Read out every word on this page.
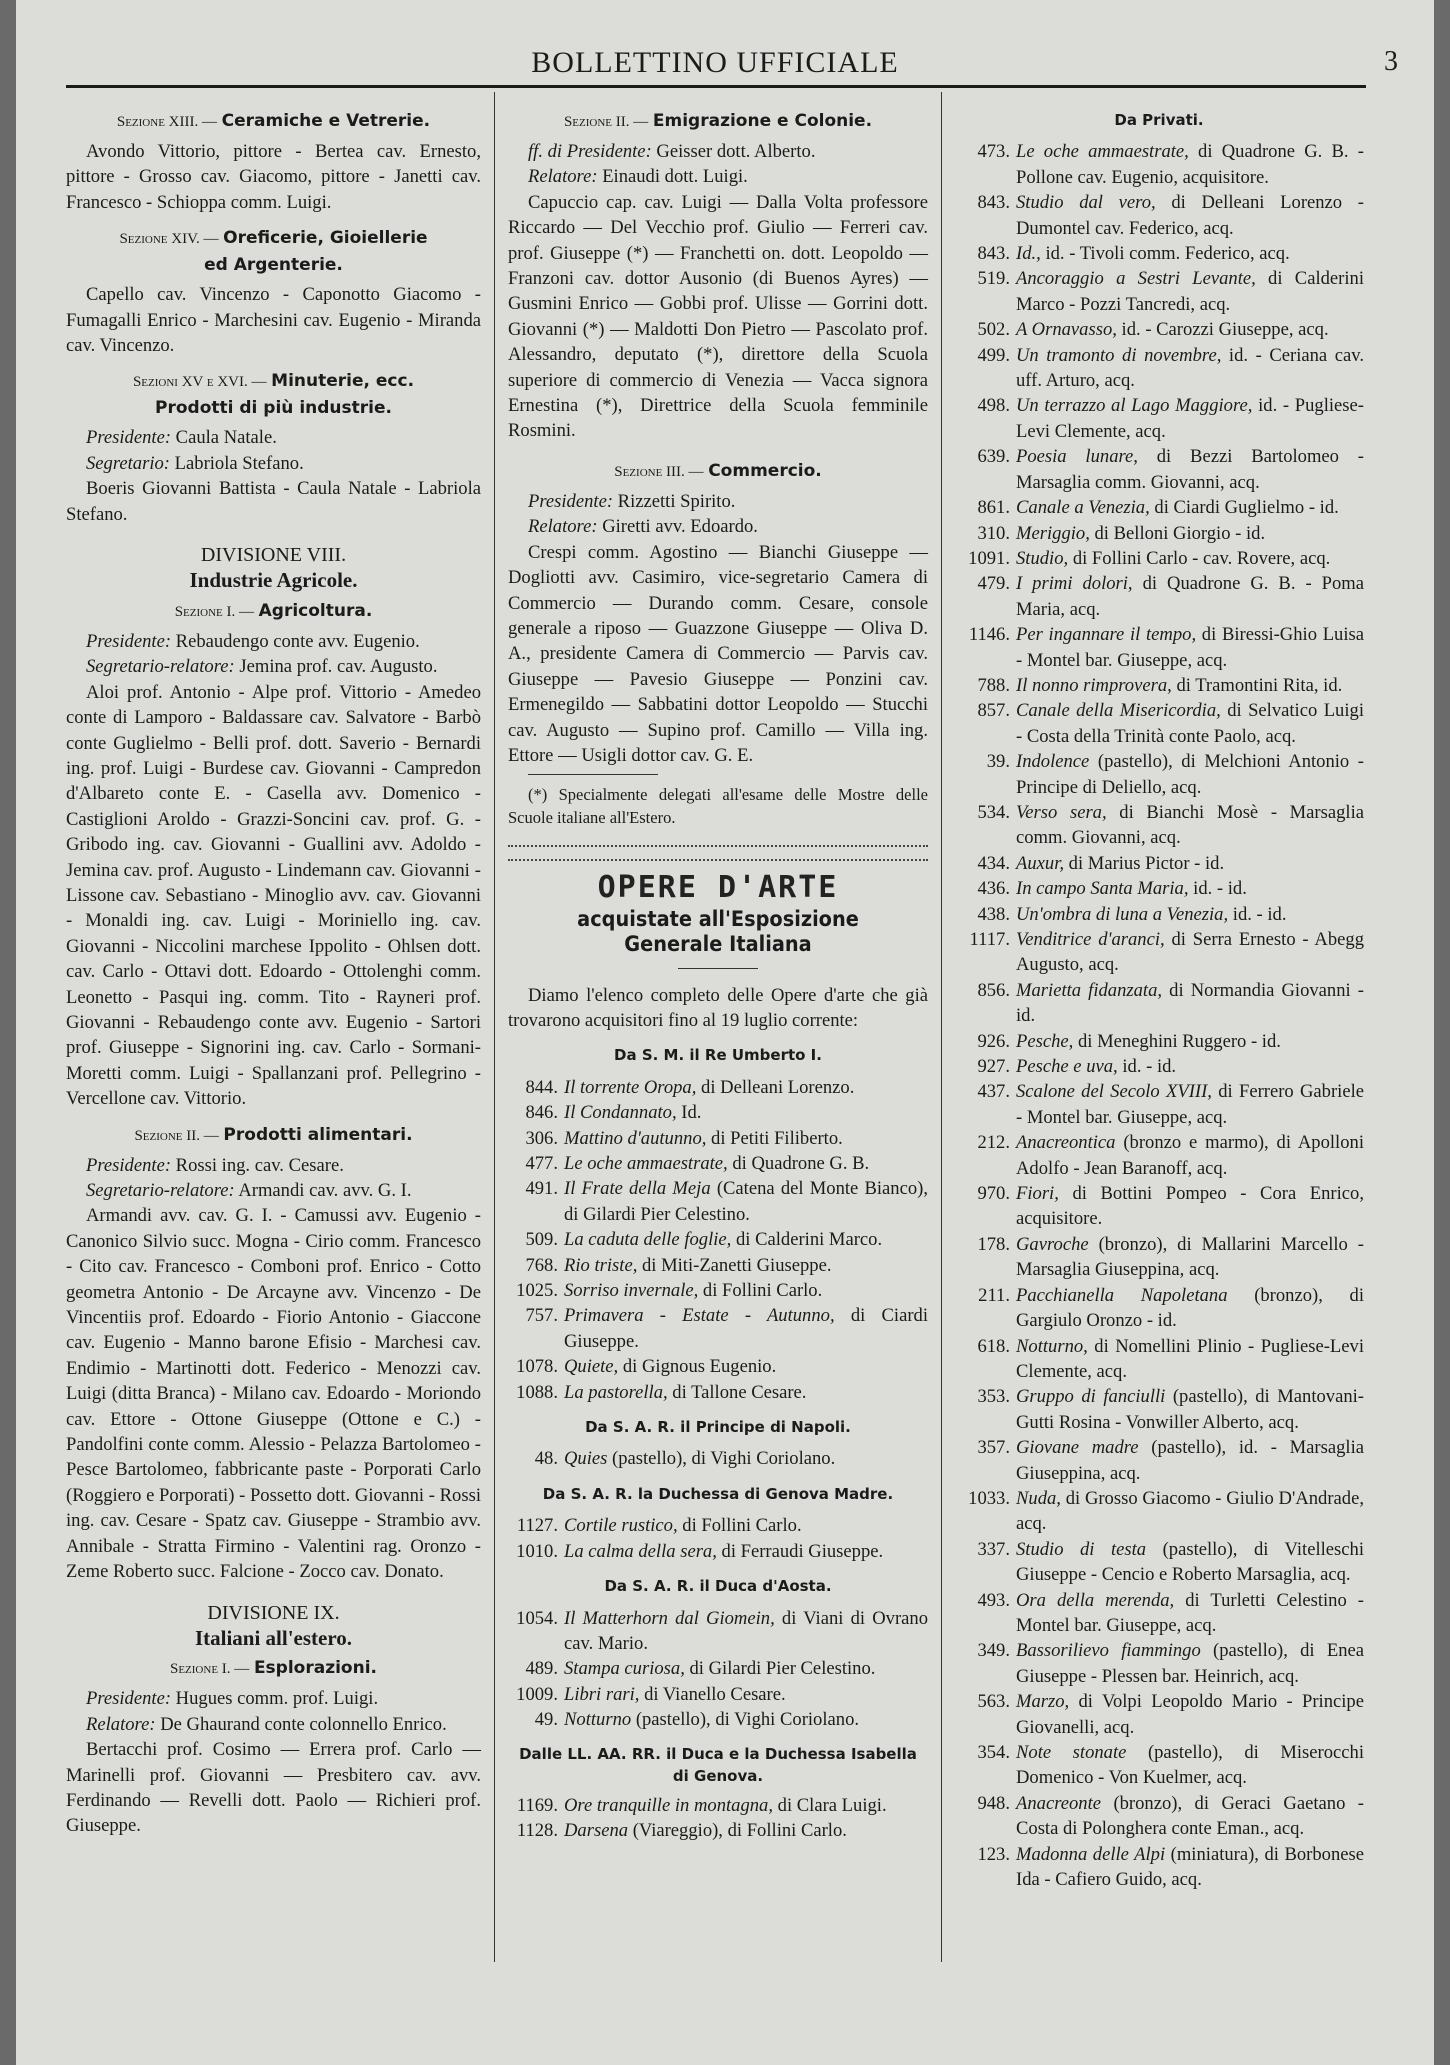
BOLLETTINO UFFICIALE	3
Sezione XIII. — Ceramiche e Vetrerie.

Avondo Vittorio, pittore - Bertea cav. Ernesto, pittore - Grosso cav. Giacomo, pittore - Janetti cav. Francesco - Schioppa comm. Luigi.

Sezione XIV. — Oreficerie, Gioiellerie
ed Argenterie.

Capello cav. Vincenzo - Caponotto Giacomo - Fumagalli Enrico - Marchesini cav. Eugenio - Miranda cav. Vincenzo.

Sezioni XV e XVI. — Minuterie, ecc.
Prodotti di più industrie.

Presidente: Caula Natale.

Segretario: Labriola Stefano.

Boeris Giovanni Battista - Caula Natale - Labriola Stefano.

DIVISIONE VIII.
Industrie Agricole.
Sezione I. — Agricoltura.

Presidente: Rebaudengo conte avv. Eugenio.

Segretario-relatore: Jemina prof. cav. Augusto.

Aloi prof. Antonio - Alpe prof. Vittorio - Amedeo conte di Lamporo - Baldassare cav. Salvatore - Barbò conte Guglielmo - Belli prof. dott. Saverio - Bernardi ing. prof. Luigi - Burdese cav. Giovanni - Campredon d'Albareto conte E. - Casella avv. Domenico - Castiglioni Aroldo - Grazzi-Soncini cav. prof. G. - Gribodo ing. cav. Giovanni - Guallini avv. Adoldo - Jemina cav. prof. Augusto - Lindemann cav. Giovanni - Lissone cav. Sebastiano - Minoglio avv. cav. Giovanni - Monaldi ing. cav. Luigi - Moriniello ing. cav. Giovanni - Niccolini marchese Ippolito - Ohlsen dott. cav. Carlo - Ottavi dott. Edoardo - Ottolenghi comm. Leonetto - Pasqui ing. comm. Tito - Rayneri prof. Giovanni - Rebaudengo conte avv. Eugenio - Sartori prof. Giuseppe - Signorini ing. cav. Carlo - Sormani-Moretti comm. Luigi - Spallanzani prof. Pellegrino - Vercellone cav. Vittorio.

Sezione II. — Prodotti alimentari.

Presidente: Rossi ing. cav. Cesare.

Segretario-relatore: Armandi cav. avv. G. I.

Armandi avv. cav. G. I. - Camussi avv. Eugenio - Canonico Silvio succ. Mogna - Cirio comm. Francesco - Cito cav. Francesco - Comboni prof. Enrico - Cotto geometra Antonio - De Arcayne avv. Vincenzo - De Vincentiis prof. Edoardo - Fiorio Antonio - Giaccone cav. Eugenio - Manno barone Efisio - Marchesi cav. Endimio - Martinotti dott. Federico - Menozzi cav. Luigi (ditta Branca) - Milano cav. Edoardo - Moriondo cav. Ettore - Ottone Giuseppe (Ottone e C.) - Pandolfini conte comm. Alessio - Pelazza Bartolomeo - Pesce Bartolomeo, fabbricante paste - Porporati Carlo (Roggiero e Porporati) - Possetto dott. Giovanni - Rossi ing. cav. Cesare - Spatz cav. Giuseppe - Strambio avv. Annibale - Stratta Firmino - Valentini rag. Oronzo - Zeme Roberto succ. Falcione - Zocco cav. Donato.

DIVISIONE IX.
Italiani all'estero.
Sezione I. — Esplorazioni.

Presidente: Hugues comm. prof. Luigi.

Relatore: De Ghaurand conte colonnello Enrico.

Bertacchi prof. Cosimo — Errera prof. Carlo — Marinelli prof. Giovanni — Presbitero cav. avv. Ferdinando — Revelli dott. Paolo — Richieri prof. Giuseppe.

Sezione II. — Emigrazione e Colonie.

ff. di Presidente: Geisser dott. Alberto.

Relatore: Einaudi dott. Luigi.

Capuccio cap. cav. Luigi — Dalla Volta professore Riccardo — Del Vecchio prof. Giulio — Ferreri cav. prof. Giuseppe (*) — Franchetti on. dott. Leopoldo — Franzoni cav. dottor Ausonio (di Buenos Ayres) — Gusmini Enrico — Gobbi prof. Ulisse — Gorrini dott. Giovanni (*) — Maldotti Don Pietro — Pascolato prof. Alessandro, deputato (*), direttore della Scuola superiore di commercio di Venezia — Vacca signora Ernestina (*), Direttrice della Scuola femminile Rosmini.

Sezione III. — Commercio.

Presidente: Rizzetti Spirito.

Relatore: Giretti avv. Edoardo.

Crespi comm. Agostino — Bianchi Giuseppe — Dogliotti avv. Casimiro, vice-segretario Camera di Commercio — Durando comm. Cesare, console generale a riposo — Guazzone Giuseppe — Oliva D. A., presidente Camera di Commercio — Parvis cav. Giuseppe — Pavesio Giuseppe — Ponzini cav. Ermenegildo — Sabbatini dottor Leopoldo — Stucchi cav. Augusto — Supino prof. Camillo — Villa ing. Ettore — Usigli dottor cav. G. E.

(*) Specialmente delegati all'esame delle Mostre delle Scuole italiane all'Estero.

OPERE D'ARTE
acquistate all'Esposizione Generale Italiana

Diamo l'elenco completo delle Opere d'arte che già trovarono acquisitori fino al 19 luglio corrente:

Da S. M. il Re Umberto I.
844. Il torrente Oropa, di Delleani Lorenzo.
846. Il Condannato, Id.
306. Mattino d'autunno, di Petiti Filiberto.
477. Le oche ammaestrate, di Quadrone G. B.
491. Il Frate della Meja (Catena del Monte Bianco), di Gilardi Pier Celestino.
509. La caduta delle foglie, di Calderini Marco.
768. Rio triste, di Miti-Zanetti Giuseppe.
1025. Sorriso invernale, di Follini Carlo.
757. Primavera - Estate - Autunno, di Ciardi Giuseppe.
1078. Quiete, di Gignous Eugenio.
1088. La pastorella, di Tallone Cesare.
Da S. A. R. il Principe di Napoli.
48. Quies (pastello), di Vighi Coriolano.
Da S. A. R. la Duchessa di Genova Madre.
1127. Cortile rustico, di Follini Carlo.
1010. La calma della sera, di Ferraudi Giuseppe.
Da S. A. R. il Duca d'Aosta.
1054. Il Matterhorn dal Giomein, di Viani di Ovrano cav. Mario.
489. Stampa curiosa, di Gilardi Pier Celestino.
1009. Libri rari, di Vianello Cesare.
49. Notturno (pastello), di Vighi Coriolano.
Dalle LL. AA. RR. il Duca e la Duchessa Isabella
di Genova.
1169. Ore tranquille in montagna, di Clara Luigi.
1128. Darsena (Viareggio), di Follini Carlo.
Da Privati.
473. Le oche ammaestrate, di Quadrone G. B. - Pollone cav. Eugenio, acquisitore.
843. Studio dal vero, di Delleani Lorenzo - Dumontel cav. Federico, acq.
843. Id., id. - Tivoli comm. Federico, acq.
519. Ancoraggio a Sestri Levante, di Calderini Marco - Pozzi Tancredi, acq.
502. A Ornavasso, id. - Carozzi Giuseppe, acq.
499. Un tramonto di novembre, id. - Ceriana cav. uff. Arturo, acq.
498. Un terrazzo al Lago Maggiore, id. - Pugliese-Levi Clemente, acq.
639. Poesia lunare, di Bezzi Bartolomeo - Marsaglia comm. Giovanni, acq.
861. Canale a Venezia, di Ciardi Guglielmo - id.
310. Meriggio, di Belloni Giorgio - id.
1091. Studio, di Follini Carlo - cav. Rovere, acq.
479. I primi dolori, di Quadrone G. B. - Poma Maria, acq.
1146. Per ingannare il tempo, di Biressi-Ghio Luisa - Montel bar. Giuseppe, acq.
788. Il nonno rimprovera, di Tramontini Rita, id.
857. Canale della Misericordia, di Selvatico Luigi - Costa della Trinità conte Paolo, acq.
39. Indolence (pastello), di Melchioni Antonio - Principe di Deliello, acq.
534. Verso sera, di Bianchi Mosè - Marsaglia comm. Giovanni, acq.
434. Auxur, di Marius Pictor - id.
436. In campo Santa Maria, id. - id.
438. Un'ombra di luna a Venezia, id. - id.
1117. Venditrice d'aranci, di Serra Ernesto - Abegg Augusto, acq.
856. Marietta fidanzata, di Normandia Giovanni - id.
926. Pesche, di Meneghini Ruggero - id.
927. Pesche e uva, id. - id.
437. Scalone del Secolo XVIII, di Ferrero Gabriele - Montel bar. Giuseppe, acq.
212. Anacreontica (bronzo e marmo), di Apolloni Adolfo - Jean Baranoff, acq.
970. Fiori, di Bottini Pompeo - Cora Enrico, acquisitore.
178. Gavroche (bronzo), di Mallarini Marcello - Marsaglia Giuseppina, acq.
211. Pacchianella Napoletana (bronzo), di Gargiulo Oronzo - id.
618. Notturno, di Nomellini Plinio - Pugliese-Levi Clemente, acq.
353. Gruppo di fanciulli (pastello), di Mantovani-Gutti Rosina - Vonwiller Alberto, acq.
357. Giovane madre (pastello), id. - Marsaglia Giuseppina, acq.
1033. Nuda, di Grosso Giacomo - Giulio D'Andrade, acq.
337. Studio di testa (pastello), di Vitelleschi Giuseppe - Cencio e Roberto Marsaglia, acq.
493. Ora della merenda, di Turletti Celestino - Montel bar. Giuseppe, acq.
349. Bassorilievo fiammingo (pastello), di Enea Giuseppe - Plessen bar. Heinrich, acq.
563. Marzo, di Volpi Leopoldo Mario - Principe Giovanelli, acq.
354. Note stonate (pastello), di Miserocchi Domenico - Von Kuelmer, acq.
948. Anacreonte (bronzo), di Geraci Gaetano - Costa di Polonghera conte Eman., acq.
123. Madonna delle Alpi (miniatura), di Borbonese Ida - Cafiero Guido, acq.
